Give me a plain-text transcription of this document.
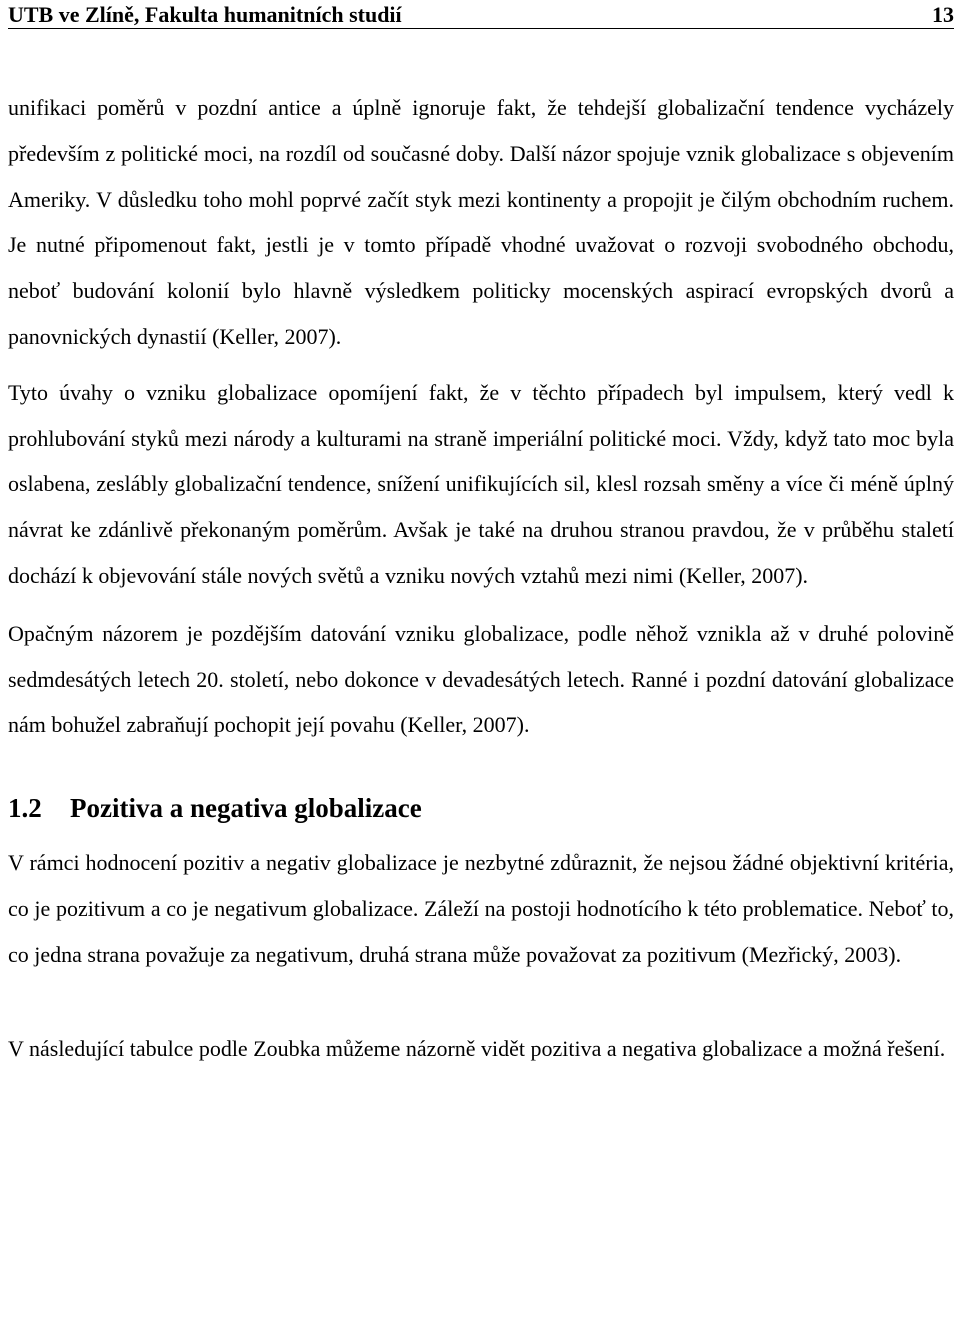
UTB ve Zlíně, Fakulta humanitních studií	13

unifikaci poměrů v pozdní antice a úplně ignoruje fakt, že tehdejší globalizační tendence vycházely především z politické moci, na rozdíl od současné doby. Další názor spojuje vznik globalizace s objevením Ameriky. V důsledku toho mohl poprvé začít styk mezi kontinenty a propojit je čilým obchodním ruchem. Je nutné připomenout fakt, jestli je v tomto případě vhodné uvažovat o rozvoji svobodného obchodu, neboť budování kolonií bylo hlavně výsledkem politicky mocenských aspirací evropských dvorů a panovnických dynastií (Keller, 2007).

Tyto úvahy o vzniku globalizace opomíjení fakt, že v těchto případech byl impulsem, který vedl k prohlubování styků mezi národy a kulturami na straně imperiální politické moci. Vždy, když tato moc byla oslabena, zeslábly globalizační tendence, snížení unifikujících sil, klesl rozsah směny a více či méně úplný návrat ke zdánlivě překonaným poměrům. Avšak je také na druhou stranou pravdou, že v průběhu staletí dochází k objevování stále nových světů a vzniku nových vztahů mezi nimi (Keller, 2007).

Opačným názorem je pozdějším datování vzniku globalizace, podle něhož vznikla až v druhé polovině sedmdesátých letech 20. století, nebo dokonce v devadesátých letech. Ranné i pozdní datování globalizace nám bohužel zabraňují pochopit její povahu (Keller, 2007).

1.2	Pozitiva a negativa globalizace

V rámci hodnocení pozitiv a negativ globalizace je nezbytné zdůraznit, že nejsou žádné objektivní kritéria, co je pozitivum a co je negativum globalizace. Záleží na postoji hodnotícího k této problematice. Neboť to, co jedna strana považuje za negativum, druhá strana může považovat za pozitivum (Mezřický, 2003).

V následující tabulce podle Zoubka můžeme názorně vidět pozitiva a negativa globalizace a možná řešení.
